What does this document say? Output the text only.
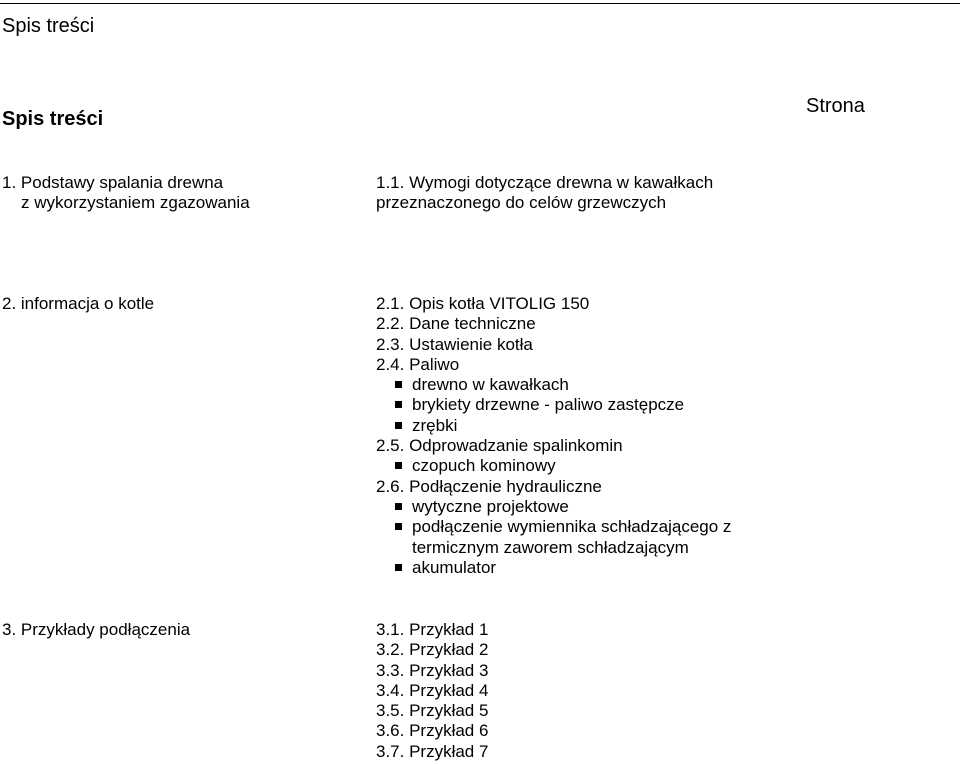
Spis treści
Spis treści
Strona
1. Podstawy spalania drewna
z wykorzystaniem zgazowania
1.1. Wymogi dotyczące drewna w kawałkach
przeznaczonego do celów grzewczych
2. informacja o kotle	2.1. Opis kotła VITOLIG 150
2.2. Dane techniczne
2.3. Ustawienie kotła
2.4. Paliwo
drewno w kawałkach
brykiety drzewne - paliwo zastępcze
zrębki
2.5. Odprowadzanie spalinkomin
czopuch kominowy
2.6. Podłączenie hydrauliczne
wytyczne projektowe
podłączenie wymiennika schładzającego z
termicznym zaworem schładzającym
akumulator
3. Przykłady podłączenia	3.1. Przykład 1
3.2. Przykład 2
3.3. Przykład 3
3.4. Przykład 4
3.5. Przykład 5
3.6. Przykład 6
3.7. Przykład 7
